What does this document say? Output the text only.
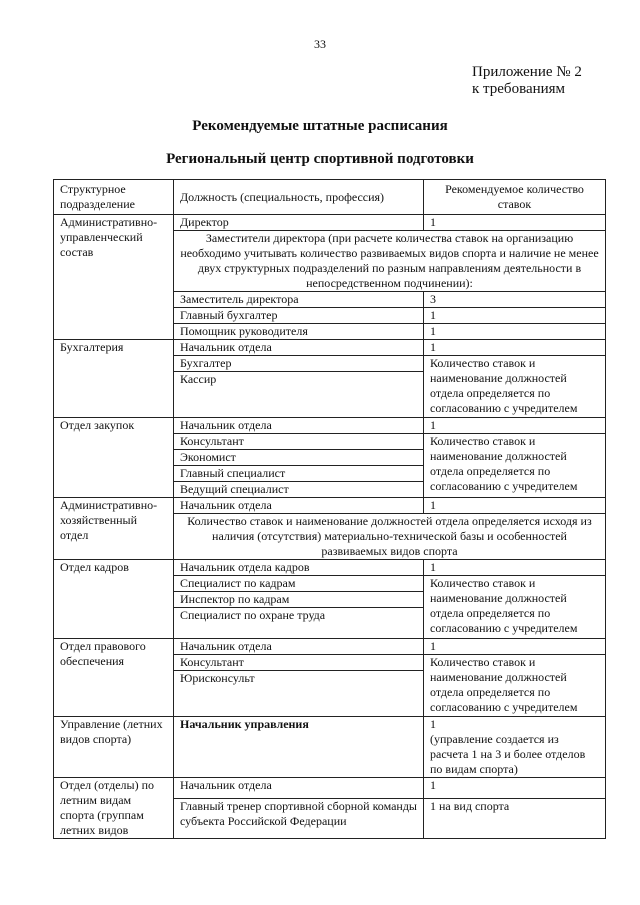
33
Приложение № 2
к требованиям
Рекомендуемые штатные расписания
Региональный центр спортивной подготовки
Структурное подразделение	Должность (специальность, профессия)	Рекомендуемое количество ставок
Административно-управленческий состав	Директор	1
	Заместители директора (при расчете количества ставок на организацию необходимо учитывать количество развиваемых видов спорта и наличие не менее двух структурных подразделений по разным направлениям деятельности в непосредственном подчинении):	
	Заместитель директора	3
	Главный бухгалтер	1
	Помощник руководителя	1
Бухгалтерия	Начальник отдела	1
	Бухгалтер	Количество ставок и наименование должностей отдела определяется по согласованию с учредителем
	Кассир	
Отдел закупок	Начальник отдела	1
	Консультант	Количество ставок и наименование должностей отдела определяется по согласованию с учредителем
	Экономист	
	Главный специалист	
	Ведущий специалист	
Административно-хозяйственный отдел	Начальник отдела	1
	Количество ставок и наименование должностей отдела определяется исходя из наличия (отсутствия) материально-технической базы и особенностей развиваемых видов спорта	
Отдел кадров	Начальник отдела кадров	1
	Специалист по кадрам	Количество ставок и наименование должностей отдела определяется по согласованию с учредителем
	Инспектор по кадрам	
	Специалист по охране труда	
Отдел правового обеспечения	Начальник отдела	1
	Консультант	Количество ставок и наименование должностей отдела определяется по согласованию с учредителем
	Юрисконсульт	
Управление (летних видов спорта)	Начальник управления	1
(управление создается из расчета 1 на 3 и более отделов по видам спорта)

Отдел (отделы) по летним видам спорта (группам летних видов	Начальник отдела	1
	Главный тренер спортивной сборной команды субъекта Российской Федерации	1 на вид спорта
